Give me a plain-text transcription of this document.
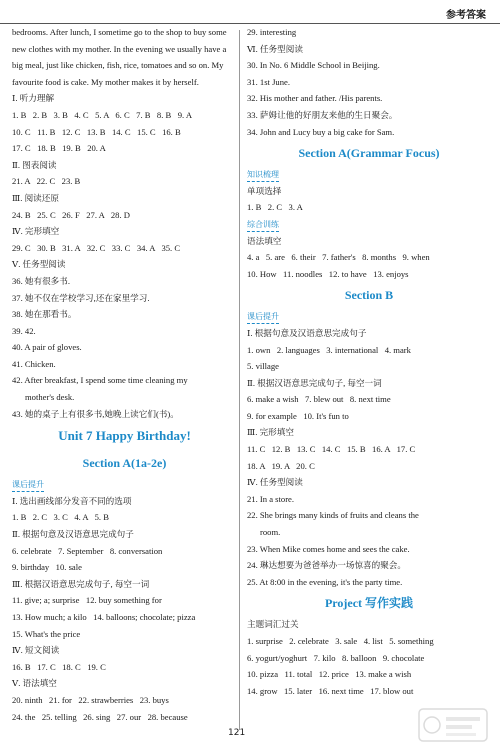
参考答案
bedrooms. After lunch, I sometime go to the shop to buy some new clothes with my mother. In the evening we usually have a big meal, just like chicken, fish, rice, tomatoes and so on. My favourite food is cake. My mother makes it by herself.
Ⅰ. 听力理解
1. B   2. B   3. B   4. C   5. A   6. C   7. B   8. B   9. A
10. C   11. B   12. C   13. B   14. C   15. C   16. B
17. C   18. B   19. B   20. A
Ⅱ. 图表阅读
21. A   22. C   23. B
Ⅲ. 阅读还原
24. B   25. C   26. F   27. A   28. D
Ⅳ. 完形填空
29. C   30. B   31. A   32. C   33. C   34. A   35. C
Ⅴ. 任务型阅读
36. 她有很多书.
37. 她不仅在学校学习,还在家里学习.
38. 她在那看书。
39. 42.
40. A pair of gloves.
41. Chicken.
42. After breakfast, I spend some time cleaning my
mother's desk.
43. 她的桌子上有很多书,她晚上读它们(书)。
Unit 7 Happy Birthday!
Section A(1a-2e)
课后提升
Ⅰ. 选出画线部分发音不同的选项
1. B   2. C   3. C   4. A   5. B
Ⅱ. 根据句意及汉语意思完成句子
6. celebrate   7. September   8. conversation
9. birthday   10. sale
Ⅲ. 根据汉语意思完成句子, 每空一词
11. give; a; surprise   12. buy something for
13. How much; a kilo   14. balloons; chocolate; pizza
15. What's the price
Ⅳ. 短文阅读
16. B   17. C   18. C   19. C
Ⅴ. 语法填空
20. ninth   21. for   22. strawberries   23. buys
24. the   25. telling   26. sing   27. our   28. because
29. interesting
Ⅵ. 任务型阅读
30. In No. 6 Middle School in Beijing.
31. 1st June.
32. His mother and father. /His parents.
33. 萨姆让他的好朋友来他的生日聚会。
34. John and Lucy buy a big cake for Sam.
Section A(Grammar Focus)
知识梳理
单项选择
1. B   2. C   3. A
综合训练
语法填空
4. a   5. are   6. their   7. father's   8. months   9. when
10. How   11. noodles   12. to have   13. enjoys
Section B
课后提升
Ⅰ. 根据句意及汉语意思完成句子
1. own   2. languages   3. international   4. mark
5. village
Ⅱ. 根据汉语意思完成句子, 每空一词
6. make a wish   7. blew out   8. next time
9. for example   10. It's fun to
Ⅲ. 完形填空
11. C   12. B   13. C   14. C   15. B   16. A   17. C
18. A   19. A   20. C
Ⅳ. 任务型阅读
21. In a store.
22. She brings many kinds of fruits and cleans the
room.
23. When Mike comes home and sees the cake.
24. 琳达想要为爸爸举办一场惊喜的聚会。
25. At 8:00 in the evening, it's the party time.
Project 写作实践
主题词汇过关
1. surprise   2. celebrate   3. sale   4. list   5. something
6. yogurt/yoghurt   7. kilo   8. balloon   9. chocolate
10. pizza   11. total   12. price   13. make a wish
14. grow   15. later   16. next time   17. blow out
121
